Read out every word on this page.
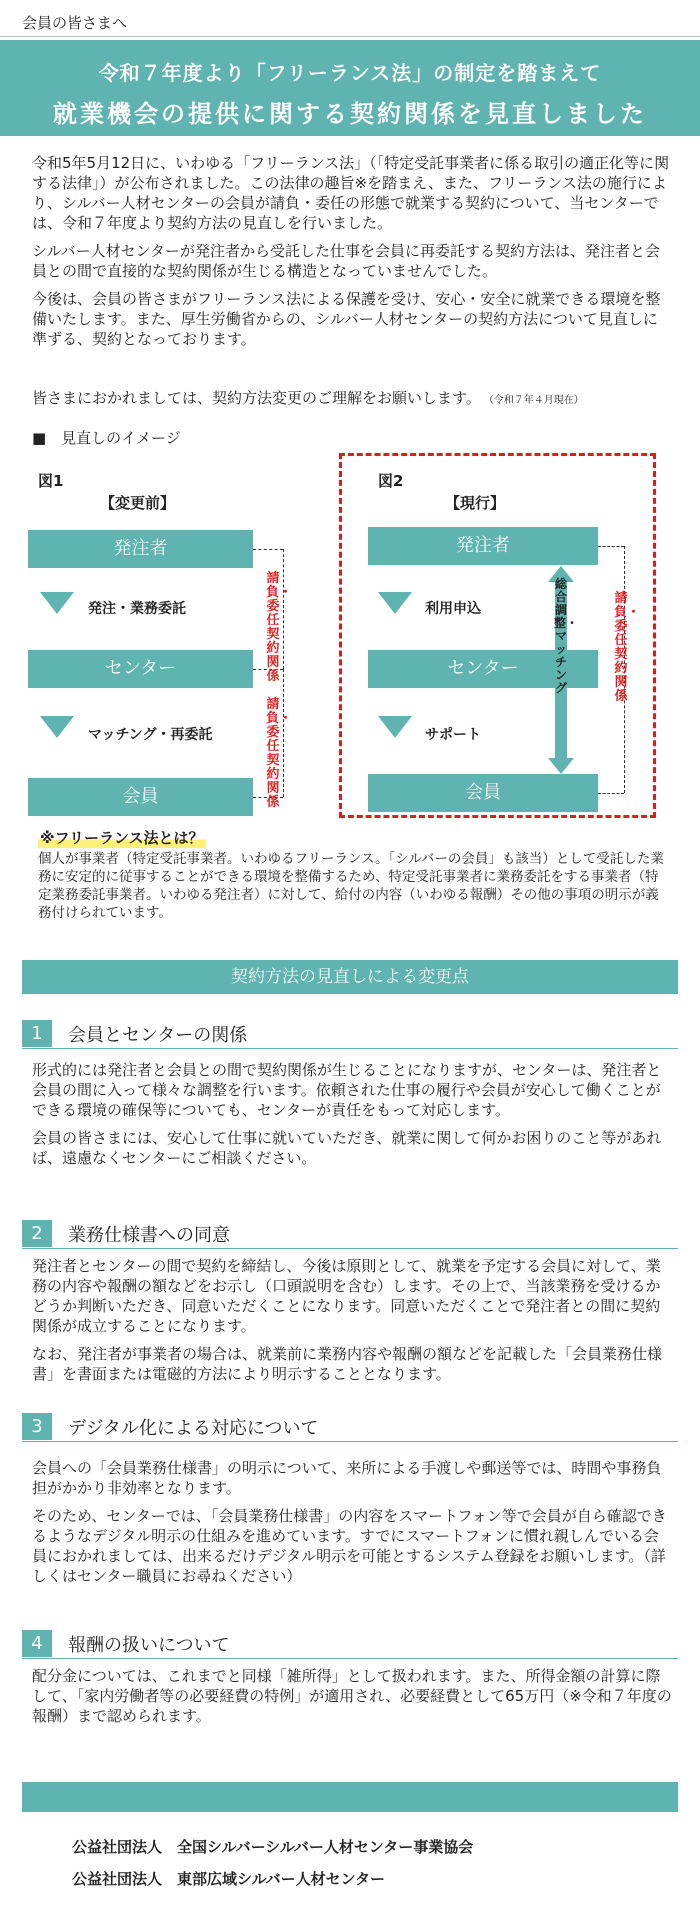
会員の皆さまへ
令和７年度より「フリーランス法」の制定を踏まえて
就業機会の提供に関する契約関係を見直しました

令和5年5月12日に、いわゆる「フリーランス法」（「特定受託事業者に係る取引の適正化等に関する法律」）が公布されました。この法律の趣旨※を踏まえ、また、フリーランス法の施行により、シルバー人材センターの会員が請負・委任の形態で就業する契約について、当センターでは、令和７年度より契約方法の見直しを行いました。

シルバー人材センターが発注者から受託した仕事を会員に再委託する契約方法は、発注者と会員との間で直接的な契約関係が生じる構造となっていませんでした。

今後は、会員の皆さまがフリーランス法による保護を受け、安心・安全に就業できる環境を整備いたします。また、厚生労働省からの、シルバー人材センターの契約方法について見直しに準ずる、契約となっております。

皆さまにおかれましては、契約方法変更のご理解をお願いします。 （令和７年４月現在）
■　見直しのイメージ
図1
【変更前】
発注者
発注・業務委託
センター
マッチング・再委託
会員
請負・委任契約関係
請負・委任契約関係
図2
【現行】
発注者
利用申込
センター
サポート
会員
総合調整・マッチング
請負・委任契約関係
※フリーランス法とは？
個人が事業者（特定受託事業者。いわゆるフリーランス。「シルバーの会員」も該当）として受託した業務に安定的に従事することができる環境を整備するため、特定受託事業者に業務委託をする事業者（特定業務委託事業者。いわゆる発注者）に対して、給付の内容（いわゆる報酬）その他の事項の明示が義務付けられています。
契約方法の見直しによる変更点
1	会員とセンターの関係

形式的には発注者と会員との間で契約関係が生じることになりますが、センターは、発注者と会員の間に入って様々な調整を行います。依頼された仕事の履行や会員が安心して働くことができる環境の確保等についても、センターが責任をもって対応します。

会員の皆さまには、安心して仕事に就いていただき、就業に関して何かお困りのこと等があれば、遠慮なくセンターにご相談ください。

2	業務仕様書への同意

発注者とセンターの間で契約を締結し、今後は原則として、就業を予定する会員に対して、業務の内容や報酬の額などをお示し（口頭説明を含む）します。その上で、当該業務を受けるかどうか判断いただき、同意いただくことになります。同意いただくことで発注者との間に契約関係が成立することになります。

なお、発注者が事業者の場合は、就業前に業務内容や報酬の額などを記載した「会員業務仕様書」を書面または電磁的方法により明示することとなります。

3	デジタル化による対応について

会員への「会員業務仕様書」の明示について、来所による手渡しや郵送等では、時間や事務負担がかかり非効率となります。

そのため、センターでは、「会員業務仕様書」の内容をスマートフォン等で会員が自ら確認できるようなデジタル明示の仕組みを進めています。すでにスマートフォンに慣れ親しんでいる会員におかれましては、出来るだけデジタル明示を可能とするシステム登録をお願いします。（詳しくはセンター職員にお尋ねください）

4	報酬の扱いについて

配分金については、これまでと同様「雑所得」として扱われます。また、所得金額の計算に際して、「家内労働者等の必要経費の特例」が適用され、必要経費として65万円（※令和７年度の報酬）まで認められます。

公益社団法人　全国シルバーシルバー人材センター事業協会
公益社団法人　東部広域シルバー人材センター
